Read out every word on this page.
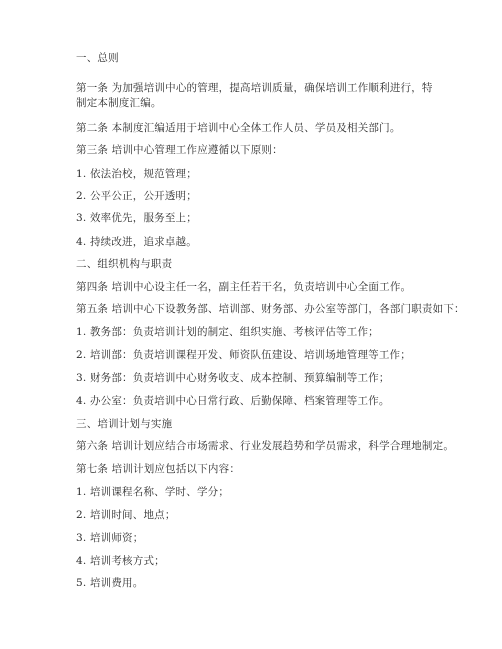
一、总则

第一条 为加强培训中心的管理，提高培训质量，确保培训工作顺利进行，特制定本制度汇编。

第二条 本制度汇编适用于培训中心全体工作人员、学员及相关部门。

第三条 培训中心管理工作应遵循以下原则：

1. 依法治校，规范管理；

2. 公平公正，公开透明；

3. 效率优先，服务至上；

4. 持续改进，追求卓越。

二、组织机构与职责

第四条 培训中心设主任一名，副主任若干名，负责培训中心全面工作。

第五条 培训中心下设教务部、培训部、财务部、办公室等部门，各部门职责如下：

1. 教务部：负责培训计划的制定、组织实施、考核评估等工作；

2. 培训部：负责培训课程开发、师资队伍建设、培训场地管理等工作；

3. 财务部：负责培训中心财务收支、成本控制、预算编制等工作；

4. 办公室：负责培训中心日常行政、后勤保障、档案管理等工作。

三、培训计划与实施

第六条 培训计划应结合市场需求、行业发展趋势和学员需求，科学合理地制定。

第七条 培训计划应包括以下内容：

1. 培训课程名称、学时、学分；

2. 培训时间、地点；

3. 培训师资；

4. 培训考核方式；

5. 培训费用。
